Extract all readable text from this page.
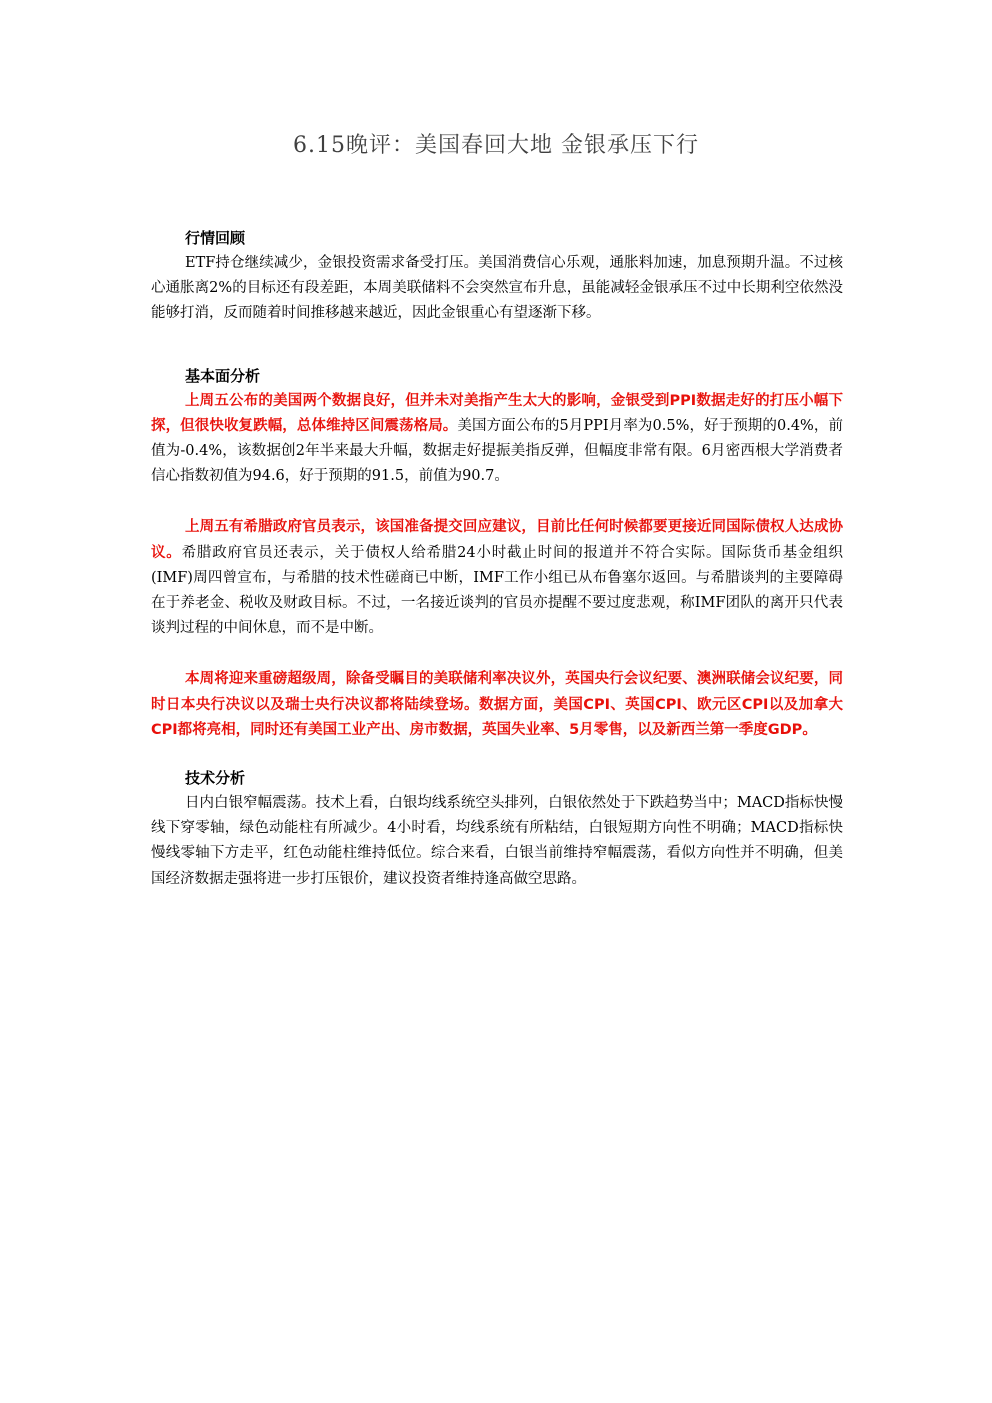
6.15晚评：美国春回大地 金银承压下行

行情回顾

ETF持仓继续减少，金银投资需求备受打压。美国消费信心乐观，通胀料加速，加息预期升温。不过核心通胀离2%的目标还有段差距，本周美联储料不会突然宣布升息，虽能减轻金银承压不过中长期利空依然没能够打消，反而随着时间推移越来越近，因此金银重心有望逐渐下移。

基本面分析

上周五公布的美国两个数据良好，但并未对美指产生太大的影响，金银受到PPI数据走好的打压小幅下探，但很快收复跌幅，总体维持区间震荡格局。美国方面公布的5月PPI月率为0.5%，好于预期的0.4%，前值为-0.4%，该数据创2年半来最大升幅，数据走好提振美指反弹，但幅度非常有限。6月密西根大学消费者信心指数初值为94.6，好于预期的91.5，前值为90.7。

上周五有希腊政府官员表示，该国准备提交回应建议，目前比任何时候都要更接近同国际债权人达成协议。希腊政府官员还表示，关于债权人给希腊24小时截止时间的报道并不符合实际。国际货币基金组织(IMF)周四曾宣布，与希腊的技术性磋商已中断，IMF工作小组已从布鲁塞尔返回。与希腊谈判的主要障碍在于养老金、税收及财政目标。不过，一名接近谈判的官员亦提醒不要过度悲观，称IMF团队的离开只代表谈判过程的中间休息，而不是中断。

本周将迎来重磅超级周，除备受瞩目的美联储利率决议外，英国央行会议纪要、澳洲联储会议纪要，同时日本央行决议以及瑞士央行决议都将陆续登场。数据方面，美国CPI、英国CPI、欧元区CPI以及加拿大CPI都将亮相，同时还有美国工业产出、房市数据，英国失业率、5月零售，以及新西兰第一季度GDP。

技术分析

日内白银窄幅震荡。技术上看，白银均线系统空头排列，白银依然处于下跌趋势当中；MACD指标快慢线下穿零轴，绿色动能柱有所减少。4小时看，均线系统有所粘结，白银短期方向性不明确；MACD指标快慢线零轴下方走平，红色动能柱维持低位。综合来看，白银当前维持窄幅震荡，看似方向性并不明确，但美国经济数据走强将进一步打压银价，建议投资者维持逢高做空思路。
